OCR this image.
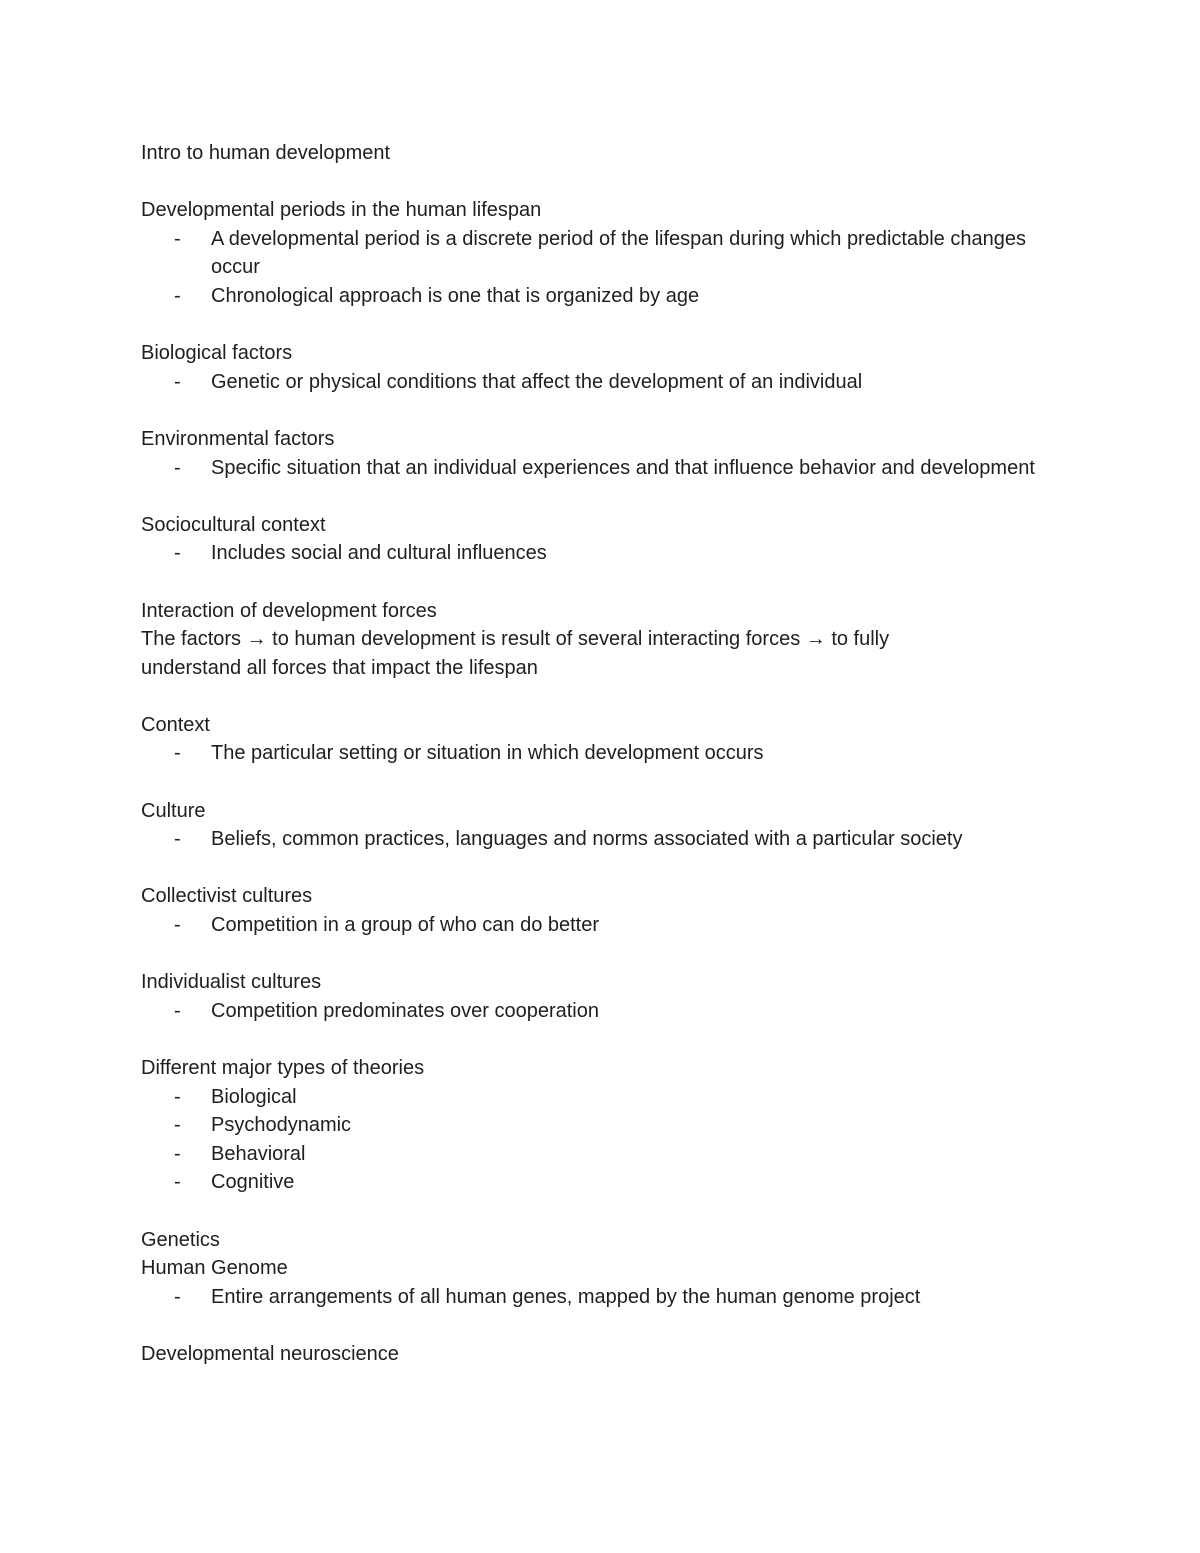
Intro to human development
Developmental periods in the human lifespan
- A developmental period is a discrete period of the lifespan during which predictable changes occur
- Chronological approach is one that is organized by age
Biological factors
- Genetic or physical conditions that affect the development of an individual
Environmental factors
- Specific situation that an individual experiences and that influence behavior and development
Sociocultural context
- Includes social and cultural influences
Interaction of development forces
The factors → to human development is result of several interacting forces → to fully understand all forces that impact the lifespan
Context
- The particular setting or situation in which development occurs
Culture
- Beliefs, common practices, languages and norms associated with a particular society
Collectivist cultures
- Competition in a group of who can do better
Individualist cultures
- Competition predominates over cooperation
Different major types of theories
- Biological
- Psychodynamic
- Behavioral
- Cognitive
Genetics
Human Genome
- Entire arrangements of all human genes, mapped by the human genome project
Developmental neuroscience
